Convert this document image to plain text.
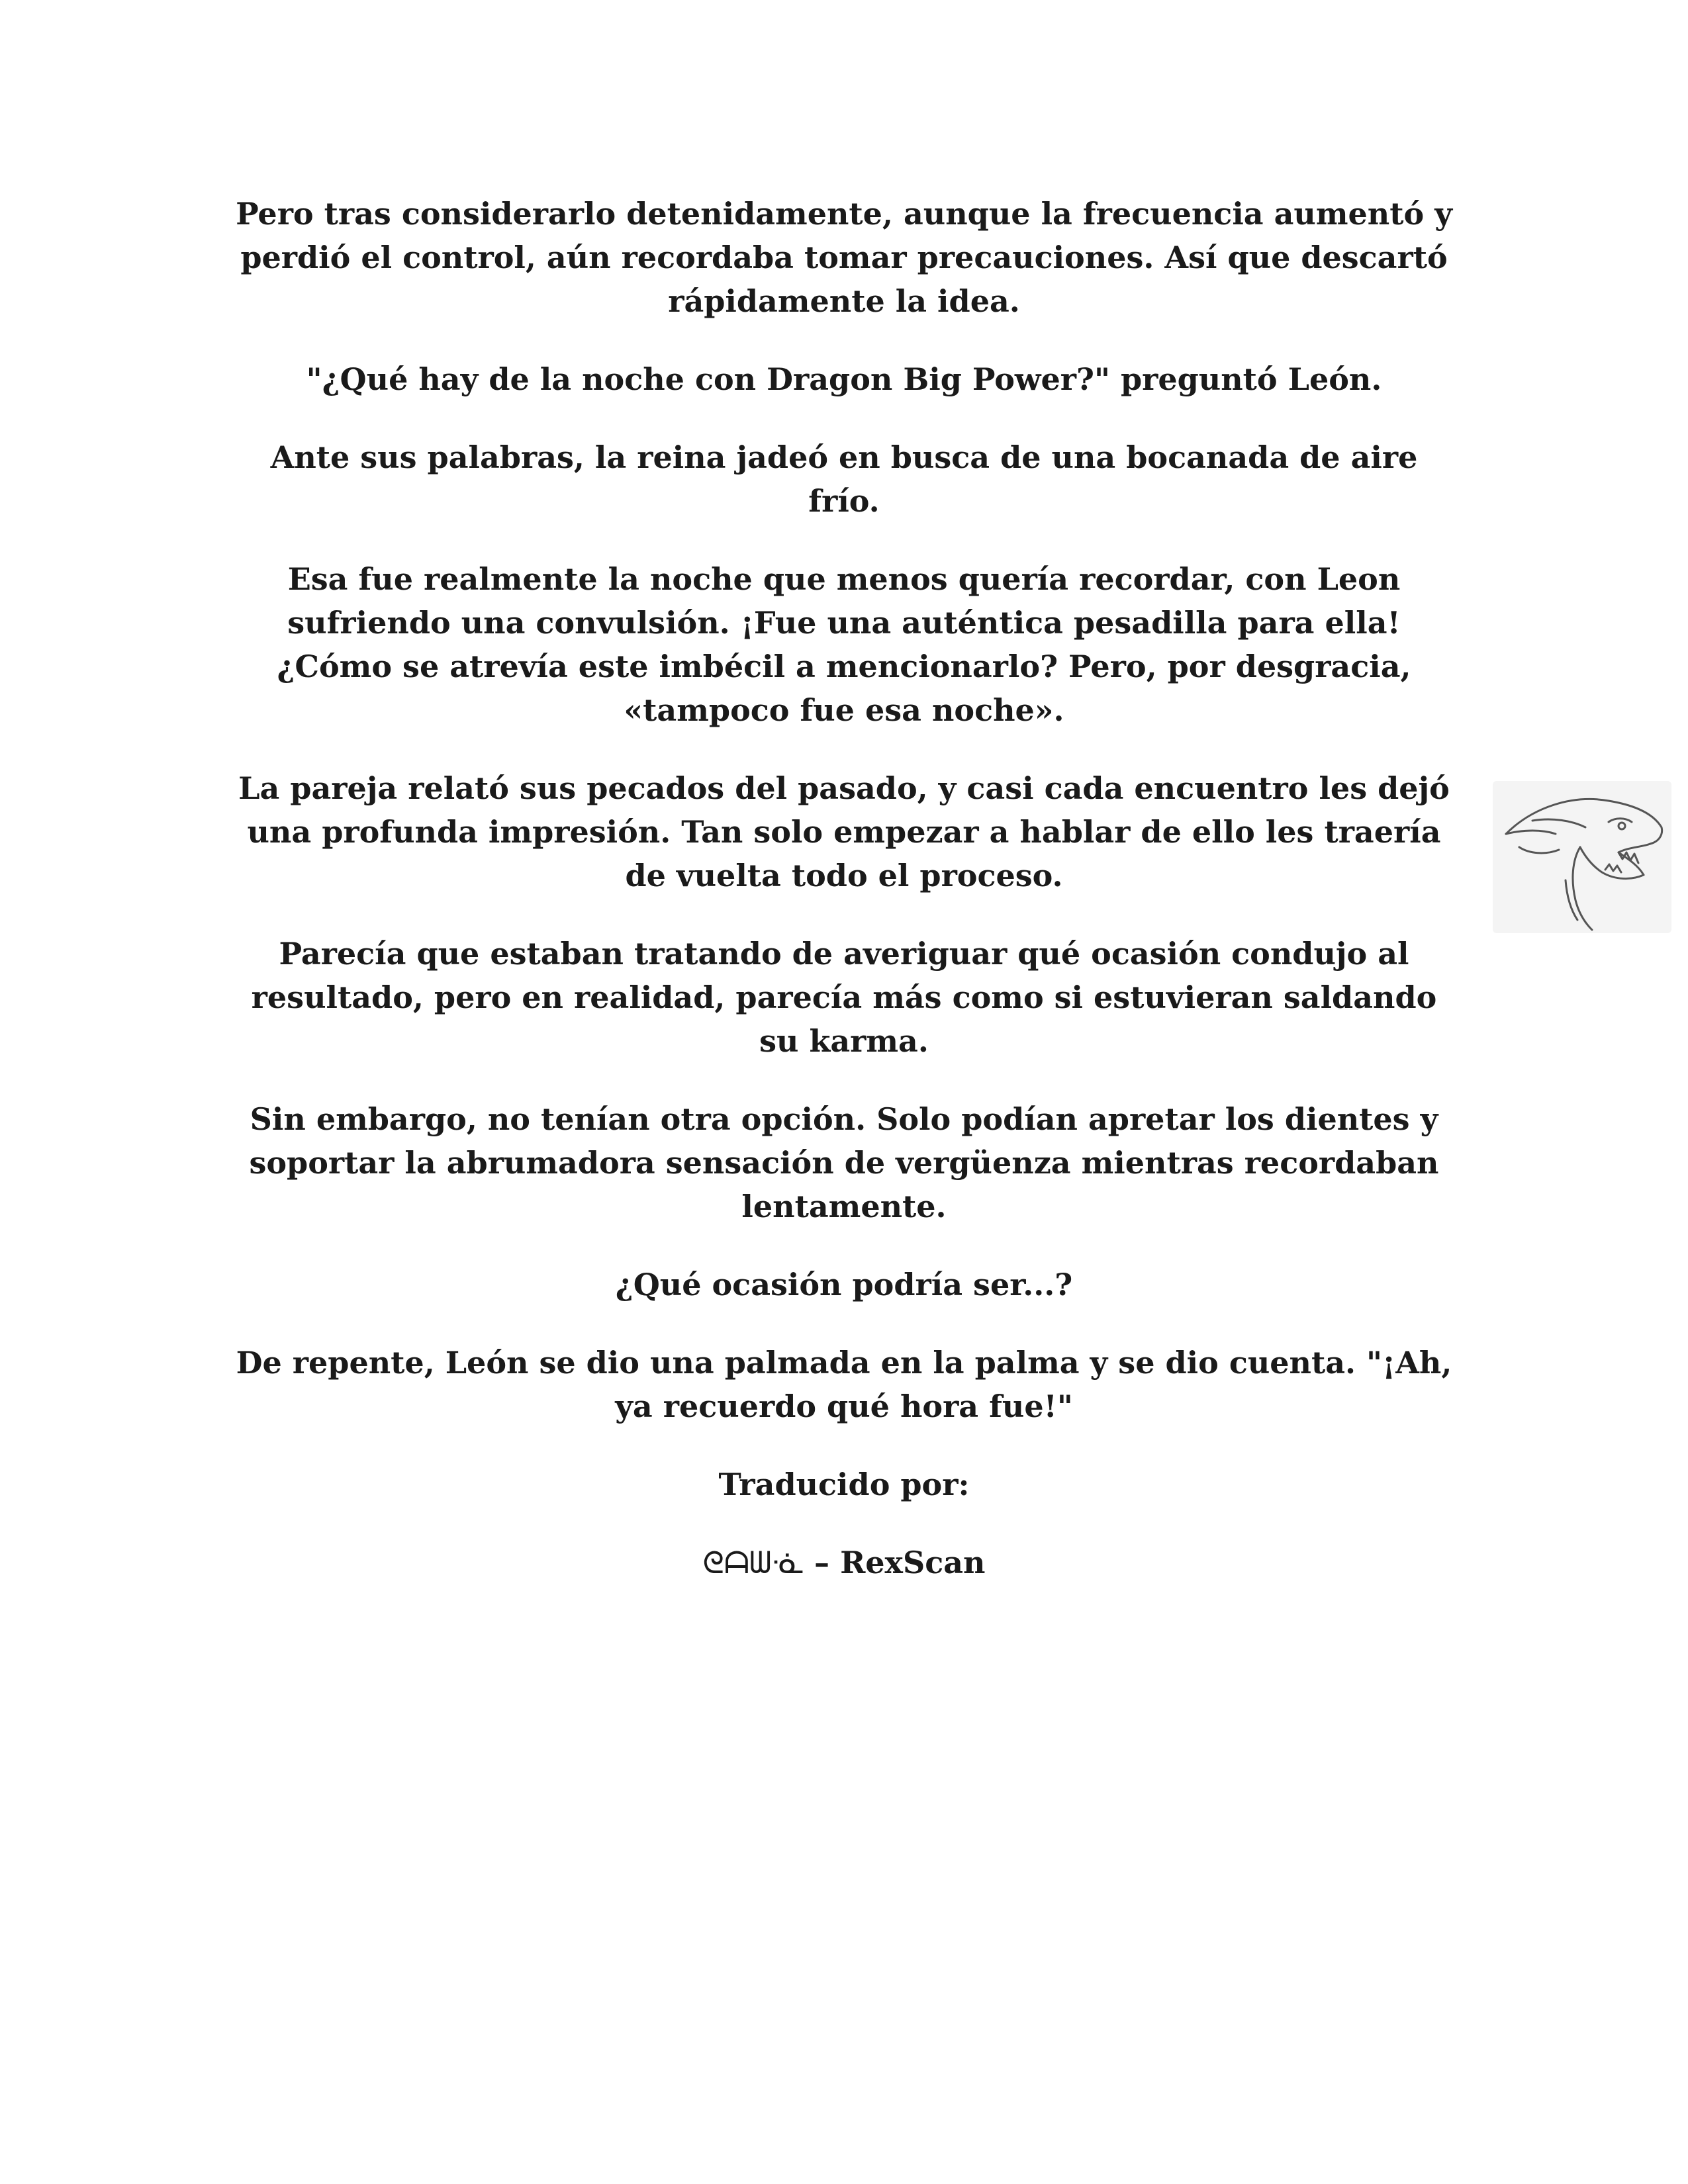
Pero tras considerarlo detenidamente, aunque la frecuencia aumentó y perdió el control, aún recordaba tomar precauciones. Así que descartó rápidamente la idea.

"¿Qué hay de la noche con Dragon Big Power?" preguntó León.

Ante sus palabras, la reina jadeó en busca de una bocanada de aire frío.

Esa fue realmente la noche que menos quería recordar, con Leon sufriendo una convulsión. ¡Fue una auténtica pesadilla para ella! ¿Cómo se atrevía este imbécil a mencionarlo? Pero, por desgracia, «tampoco fue esa noche».

La pareja relató sus pecados del pasado, y casi cada encuentro les dejó una profunda impresión. Tan solo empezar a hablar de ello les traería de vuelta todo el proceso.

Parecía que estaban tratando de averiguar qué ocasión condujo al resultado, pero en realidad, parecía más como si estuvieran saldando su karma.

Sin embargo, no tenían otra opción. Solo podían apretar los dientes y soportar la abrumadora sensación de vergüenza mientras recordaban lentamente.

¿Qué ocasión podría ser...?

De repente, León se dio una palmada en la palma y se dio cuenta. "¡Ah, ya recuerdo qué hora fue!"

Traducido por:

ᘓᗩᗯᓍ – RexScan
